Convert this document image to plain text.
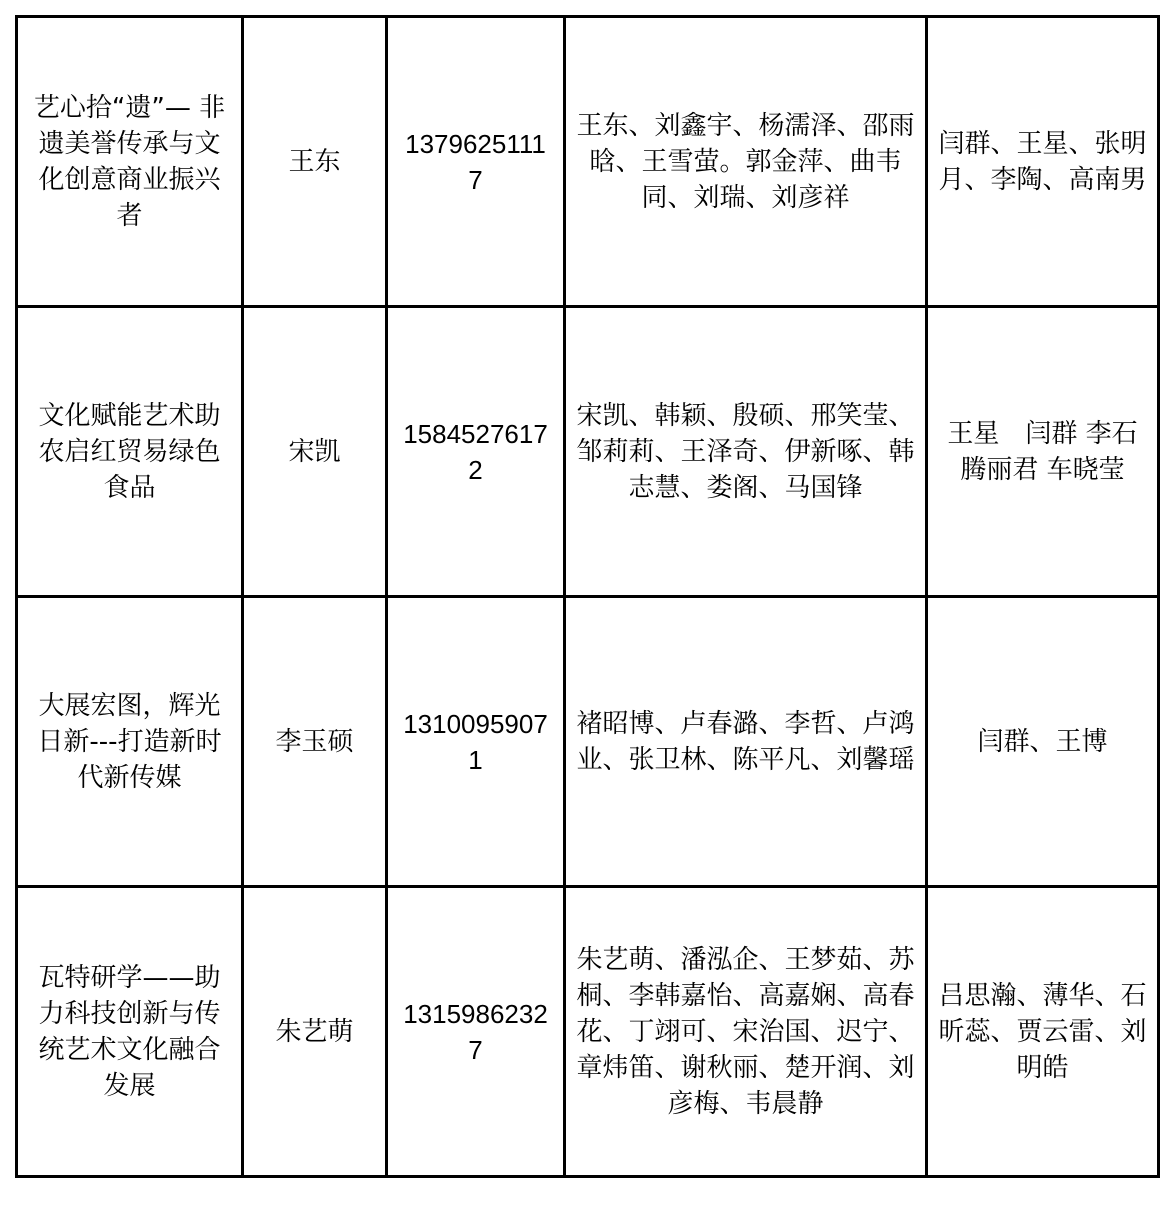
艺心拾“遗”— 非遗美誉传承与文化创意商业振兴者	王东	13796251117	王东、刘鑫宇、杨濡泽、邵雨晗、王雪萤。郭金萍、曲韦同、刘瑞、刘彦祥	闫群、王星、张明月、李陶、高南男

文化赋能艺术助农启红贸易绿色食品	宋凯	15845276172	宋凯、韩颖、殷硕、邢笑莹、邹莉莉、王泽奇、伊新啄、韩志慧、娄阁、马国锋	王星　闫群 李石腾丽君 车晓莹

大展宏图，辉光日新---打造新时代新传媒	李玉硕	13100959071	褚昭博、卢春潞、李哲、卢鸿业、张卫林、陈平凡、刘馨瑶	闫群、王博

瓦特研学——助力科技创新与传统艺术文化融合发展	朱艺萌	13159862327	朱艺萌、潘泓企、王梦茹、苏桐、李韩嘉怡、高嘉娴、高春花、丁翊可、宋治国、迟宁、章炜笛、谢秋丽、楚开润、刘彦梅、韦晨静	吕思瀚、薄华、石昕蕊、贾云雷、刘明皓
